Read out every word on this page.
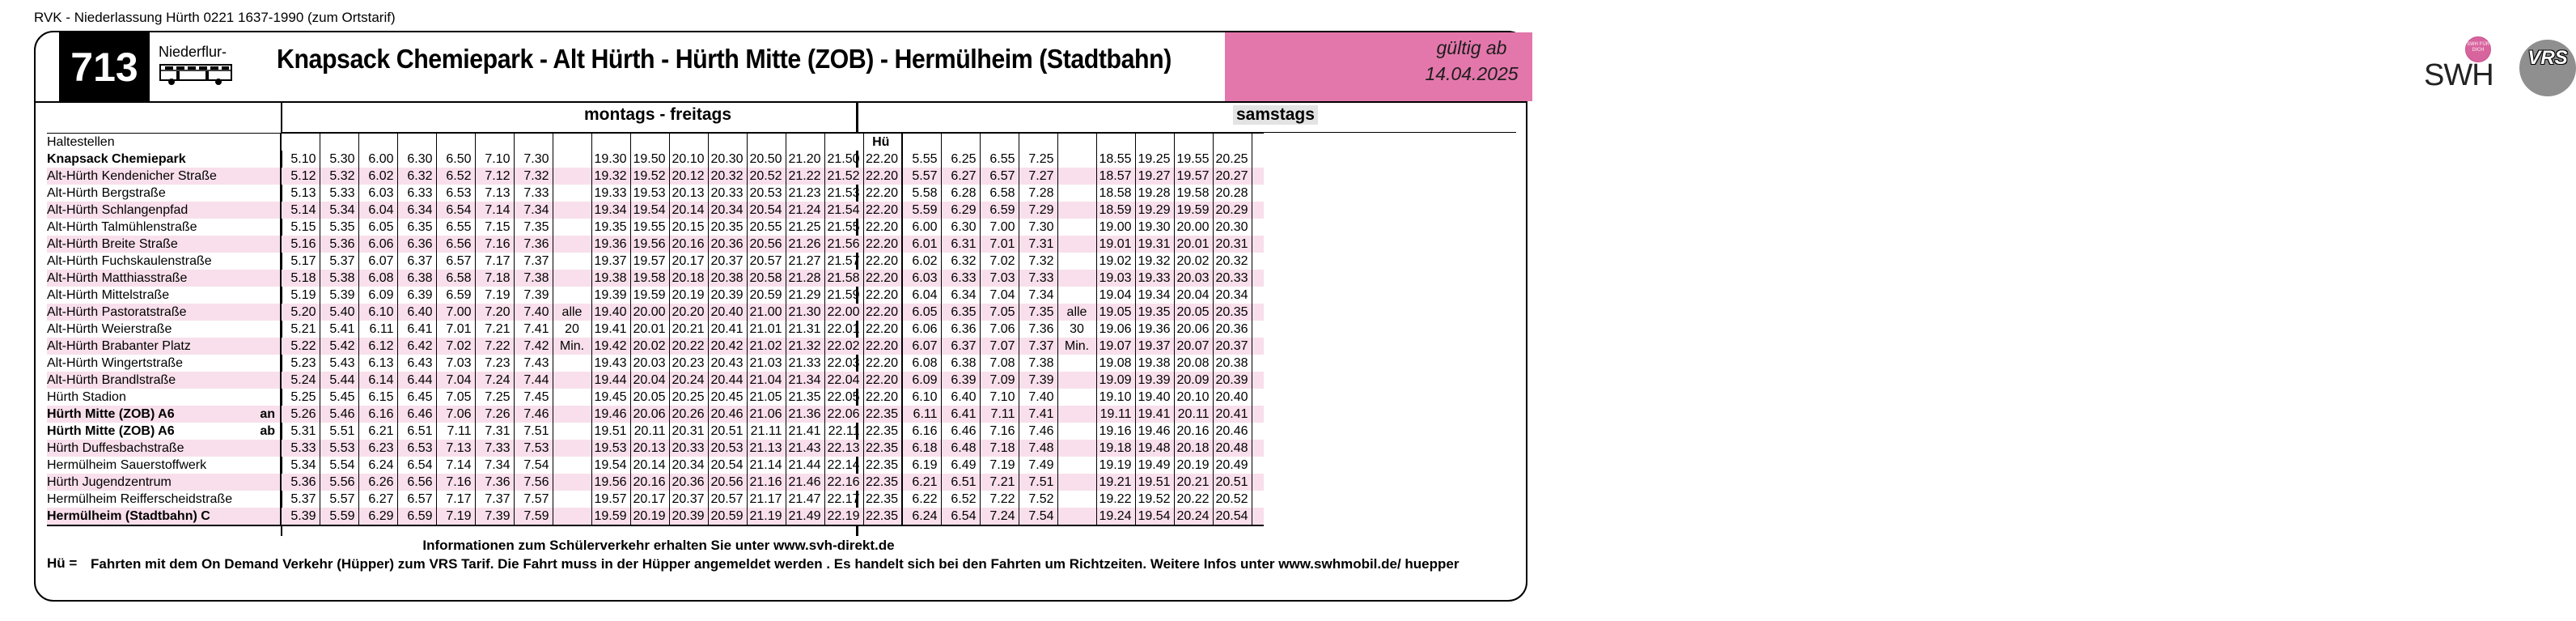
RVK - Niederlassung Hürth 0221 1637-1990 (zum Ortstarif)
713	Niederflur- Knapsack Chemiepark - Alt Hürth - Hürth Mitte (ZOB) - Hermülheim (Stadtbahn)	SWH FÜR DICH
SWH
VRS
gültig ab
14.04.2025
montags - freitags	samstags
Haltestellen																	Hü										
Knapsack Chemiepark		5.10	5.30	6.00	6.30	6.50	7.10	7.30		19.30	19.50	20.10	20.30	20.50	21.20	21.50	22.20	5.55	6.25	6.55	7.25		18.55	19.25	19.55	20.25	
Alt-Hürth Kendenicher Straße		5.12	5.32	6.02	6.32	6.52	7.12	7.32		19.32	19.52	20.12	20.32	20.52	21.22	21.52	22.20	5.57	6.27	6.57	7.27		18.57	19.27	19.57	20.27	
Alt-Hürth Bergstraße		5.13	5.33	6.03	6.33	6.53	7.13	7.33		19.33	19.53	20.13	20.33	20.53	21.23	21.53	22.20	5.58	6.28	6.58	7.28		18.58	19.28	19.58	20.28	
Alt-Hürth Schlangenpfad		5.14	5.34	6.04	6.34	6.54	7.14	7.34		19.34	19.54	20.14	20.34	20.54	21.24	21.54	22.20	5.59	6.29	6.59	7.29		18.59	19.29	19.59	20.29	
Alt-Hürth Talmühlenstraße		5.15	5.35	6.05	6.35	6.55	7.15	7.35		19.35	19.55	20.15	20.35	20.55	21.25	21.55	22.20	6.00	6.30	7.00	7.30		19.00	19.30	20.00	20.30	
Alt-Hürth Breite Straße		5.16	5.36	6.06	6.36	6.56	7.16	7.36		19.36	19.56	20.16	20.36	20.56	21.26	21.56	22.20	6.01	6.31	7.01	7.31		19.01	19.31	20.01	20.31	
Alt-Hürth Fuchskaulenstraße		5.17	5.37	6.07	6.37	6.57	7.17	7.37		19.37	19.57	20.17	20.37	20.57	21.27	21.57	22.20	6.02	6.32	7.02	7.32		19.02	19.32	20.02	20.32	
Alt-Hürth Matthiasstraße		5.18	5.38	6.08	6.38	6.58	7.18	7.38		19.38	19.58	20.18	20.38	20.58	21.28	21.58	22.20	6.03	6.33	7.03	7.33		19.03	19.33	20.03	20.33	
Alt-Hürth Mittelstraße		5.19	5.39	6.09	6.39	6.59	7.19	7.39		19.39	19.59	20.19	20.39	20.59	21.29	21.59	22.20	6.04	6.34	7.04	7.34		19.04	19.34	20.04	20.34	
Alt-Hürth Pastoratstraße		5.20	5.40	6.10	6.40	7.00	7.20	7.40	alle	19.40	20.00	20.20	20.40	21.00	21.30	22.00	22.20	6.05	6.35	7.05	7.35	alle	19.05	19.35	20.05	20.35	
Alt-Hürth Weierstraße		5.21	5.41	6.11	6.41	7.01	7.21	7.41	20	19.41	20.01	20.21	20.41	21.01	21.31	22.01	22.20	6.06	6.36	7.06	7.36	30	19.06	19.36	20.06	20.36	
Alt-Hürth Brabanter Platz		5.22	5.42	6.12	6.42	7.02	7.22	7.42	Min.	19.42	20.02	20.22	20.42	21.02	21.32	22.02	22.20	6.07	6.37	7.07	7.37	Min.	19.07	19.37	20.07	20.37	
Alt-Hürth Wingertstraße		5.23	5.43	6.13	6.43	7.03	7.23	7.43		19.43	20.03	20.23	20.43	21.03	21.33	22.03	22.20	6.08	6.38	7.08	7.38		19.08	19.38	20.08	20.38	
Alt-Hürth Brandlstraße		5.24	5.44	6.14	6.44	7.04	7.24	7.44		19.44	20.04	20.24	20.44	21.04	21.34	22.04	22.20	6.09	6.39	7.09	7.39		19.09	19.39	20.09	20.39	
Hürth Stadion		5.25	5.45	6.15	6.45	7.05	7.25	7.45		19.45	20.05	20.25	20.45	21.05	21.35	22.05	22.20	6.10	6.40	7.10	7.40		19.10	19.40	20.10	20.40	
Hürth Mitte (ZOB) A6	an	5.26	5.46	6.16	6.46	7.06	7.26	7.46		19.46	20.06	20.26	20.46	21.06	21.36	22.06	22.35	6.11	6.41	7.11	7.41		19.11	19.41	20.11	20.41	
Hürth Mitte (ZOB) A6	ab	5.31	5.51	6.21	6.51	7.11	7.31	7.51		19.51	20.11	20.31	20.51	21.11	21.41	22.11	22.35	6.16	6.46	7.16	7.46		19.16	19.46	20.16	20.46	
Hürth Duffesbachstraße		5.33	5.53	6.23	6.53	7.13	7.33	7.53		19.53	20.13	20.33	20.53	21.13	21.43	22.13	22.35	6.18	6.48	7.18	7.48		19.18	19.48	20.18	20.48	
Hermülheim Sauerstoffwerk		5.34	5.54	6.24	6.54	7.14	7.34	7.54		19.54	20.14	20.34	20.54	21.14	21.44	22.14	22.35	6.19	6.49	7.19	7.49		19.19	19.49	20.19	20.49	
Hürth Jugendzentrum		5.36	5.56	6.26	6.56	7.16	7.36	7.56		19.56	20.16	20.36	20.56	21.16	21.46	22.16	22.35	6.21	6.51	7.21	7.51		19.21	19.51	20.21	20.51	
Hermülheim Reifferscheidstraße		5.37	5.57	6.27	6.57	7.17	7.37	7.57		19.57	20.17	20.37	20.57	21.17	21.47	22.17	22.35	6.22	6.52	7.22	7.52		19.22	19.52	20.22	20.52	
Hermülheim (Stadtbahn) C		5.39	5.59	6.29	6.59	7.19	7.39	7.59		19.59	20.19	20.39	20.59	21.19	21.49	22.19	22.35	6.24	6.54	7.24	7.54		19.24	19.54	20.24	20.54	
Informationen zum Schülerverkehr erhalten Sie unter www.svh-direkt.de
Hü = Fahrten mit dem On Demand Verkehr (Hüpper) zum VRS Tarif. Die Fahrt muss in der Hüpper angemeldet werden . Es handelt sich bei den Fahrten um Richtzeiten. Weitere Infos unter www.swhmobil.de/ huepper
